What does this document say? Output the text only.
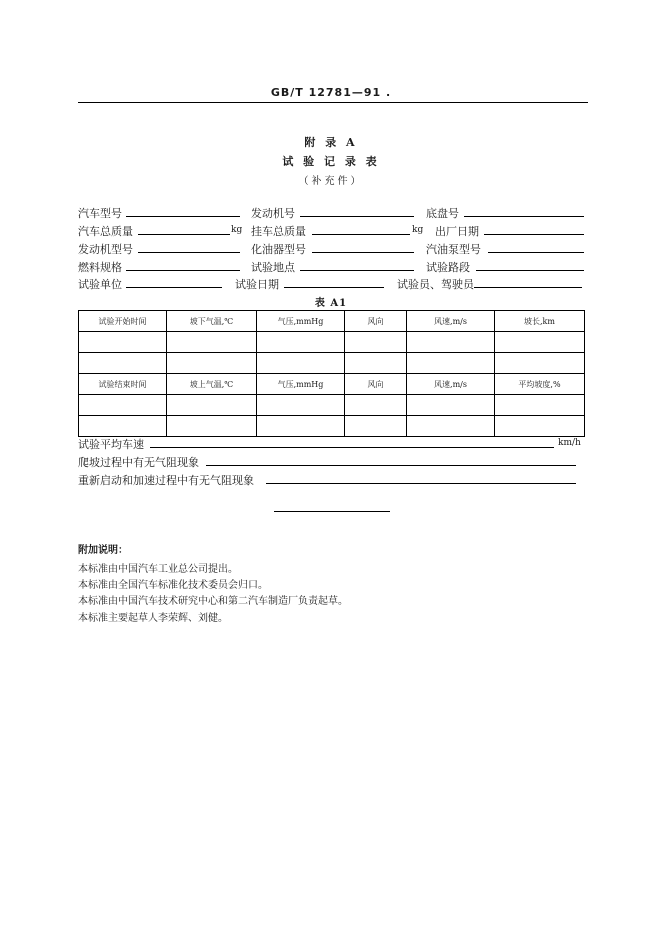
GB/T 12781—91 .
附 录 A
试 验 记 录 表
（补充件）
汽车型号	发动机号	底盘号
汽车总质量	kg 挂车总质量	kg 出厂日期
发动机型号	化油器型号	汽油泵型号
燃料规格	试验地点	试验路段
试验单位	试验日期	试验员、驾驶员
表 A1
试验开始时间	坡下气温,℃	气压,mmHg	风向	风速,m/s	坡长,km

试验结束时间	坡上气温,℃	气压,mmHg	风向	风速,m/s	平均坡度,%

试验平均车速	km/h
爬坡过程中有无气阻现象
重新启动和加速过程中有无气阻现象
附加说明：
本标准由中国汽车工业总公司提出。
本标准由全国汽车标准化技术委员会归口。
本标准由中国汽车技术研究中心和第二汽车制造厂负责起草。
本标准主要起草人李荣辉、刘健。
